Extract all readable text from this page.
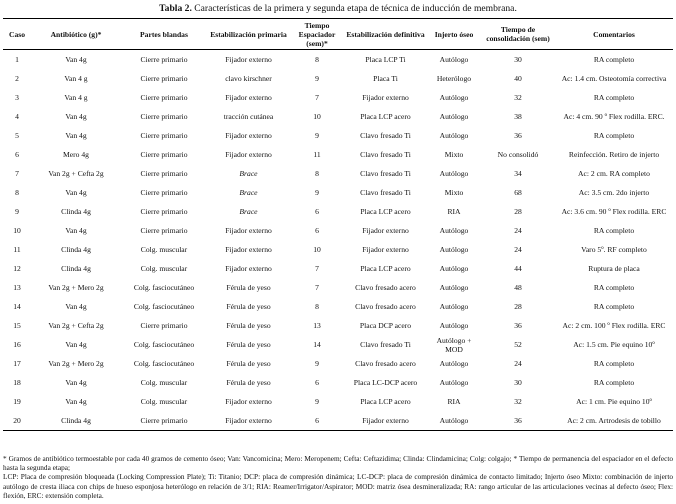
Tabla 2. Características de la primera y segunda etapa de técnica de inducción de membrana.
Caso	Antibiótico (g)*	Partes blandas	Estabilización primaria	Tiempo Espaciador (sem)*	Estabilización definitiva	Injerto óseo	Tiempo de consolidación (sem)	Comentarios
1	Van 4g	Cierre primario	Fijador externo	8	Placa LCP Ti	Autólogo	30	RA completo
2	Van 4 g	Cierre primario	clavo kirschner	9	Placa Ti	Heterólogo	40	Ac: 1.4 cm. Osteotomía correctiva
3	Van 4 g	Cierre primario	Fijador externo	7	Fijador externo	Autólogo	32	RA completo
4	Van 4g	Cierre primario	tracción cutánea	10	Placa LCP acero	Autólogo	38	Ac: 4 cm. 90 º Flex rodilla. ERC.
5	Van 4g	Cierre primario	Fijador externo	9	Clavo fresado Ti	Autólogo	36	RA completo
6	Mero 4g	Cierre primario	Fijador externo	11	Clavo fresado Ti	Mixto	No consolidó	Reinfección. Retiro de injerto
7	Van 2g + Cefta 2g	Cierre primario	Brace	8	Clavo fresado Ti	Autólogo	34	Ac: 2 cm. RA completo
8	Van 4g	Cierre primario	Brace	9	Clavo fresado Ti	Mixto	68	Ac: 3.5 cm. 2do injerto
9	Clinda 4g	Cierre primario	Brace	6	Placa LCP acero	RIA	28	Ac: 3.6 cm. 90 º Flex rodilla. ERC
10	Van 4g	Cierre primario	Fijador externo	6	Fijador externo	Autólogo	24	RA completo
11	Clinda 4g	Colg. muscular	Fijador externo	10	Fijador externo	Autólogo	24	Varo 5º. RF completo
12	Clinda 4g	Colg. muscular	Fijador externo	7	Placa LCP acero	Autólogo	44	Ruptura de placa
13	Van 2g + Mero 2g	Colg. fasciocutáneo	Férula de yeso	7	Clavo fresado acero	Autólogo	48	RA completo
14	Van 4g	Colg. fasciocutáneo	Férula de yeso	8	Clavo fresado acero	Autólogo	28	RA completo
15	Van 2g + Cefta 2g	Cierre primario	Férula de yeso	13	Placa DCP acero	Autólogo	36	Ac: 2 cm. 100 º Flex rodilla. ERC
16	Van 4g	Colg. fasciocutáneo	Férula de yeso	14	Clavo fresado Ti	Autólogo + MOD	52	Ac: 1.5 cm. Pie equino 10º
17	Van 2g + Mero 2g	Colg. fasciocutáneo	Férula de yeso	9	Clavo fresado acero	Autólogo	24	RA completo
18	Van 4g	Colg. muscular	Férula de yeso	6	Placa LC-DCP acero	Autólogo	30	RA completo
19	Van 4g	Colg. muscular	Fijador externo	9	Placa LCP acero	RIA	32	Ac: 1 cm. Pie equino 10º
20	Clinda 4g	Cierre primario	Fijador externo	6	Fijador externo	Autólogo	36	Ac: 2 cm. Artrodesis de tobillo

* Gramos de antibiótico termoestable por cada 40 gramos de cemento óseo; Van: Vancomicina; Mero: Meropenem; Cefta: Ceftazidima; Clinda: Clindamicina; Colg: colgajo; * Tiempo de permanencia del espaciador en el defecto hasta la segunda etapa;

LCP: Placa de compresión bloqueada (Locking Compression Plate); Ti: Titanio; DCP: placa de compresión dinámica; LC-DCP: placa de compresión dinámica de contacto limitado; Injerto óseo Mixto: combinación de injerto autólogo de cresta iliaca con chips de hueso esponjosa heterólogo en relación de 3/1; RIA: Reamer/Irrigator/Aspirator; MOD: matriz ósea desmineralizada; RA: rango articular de las articulaciones vecinas al defecto óseo; Flex: flexión, ERC: extensión completa.
